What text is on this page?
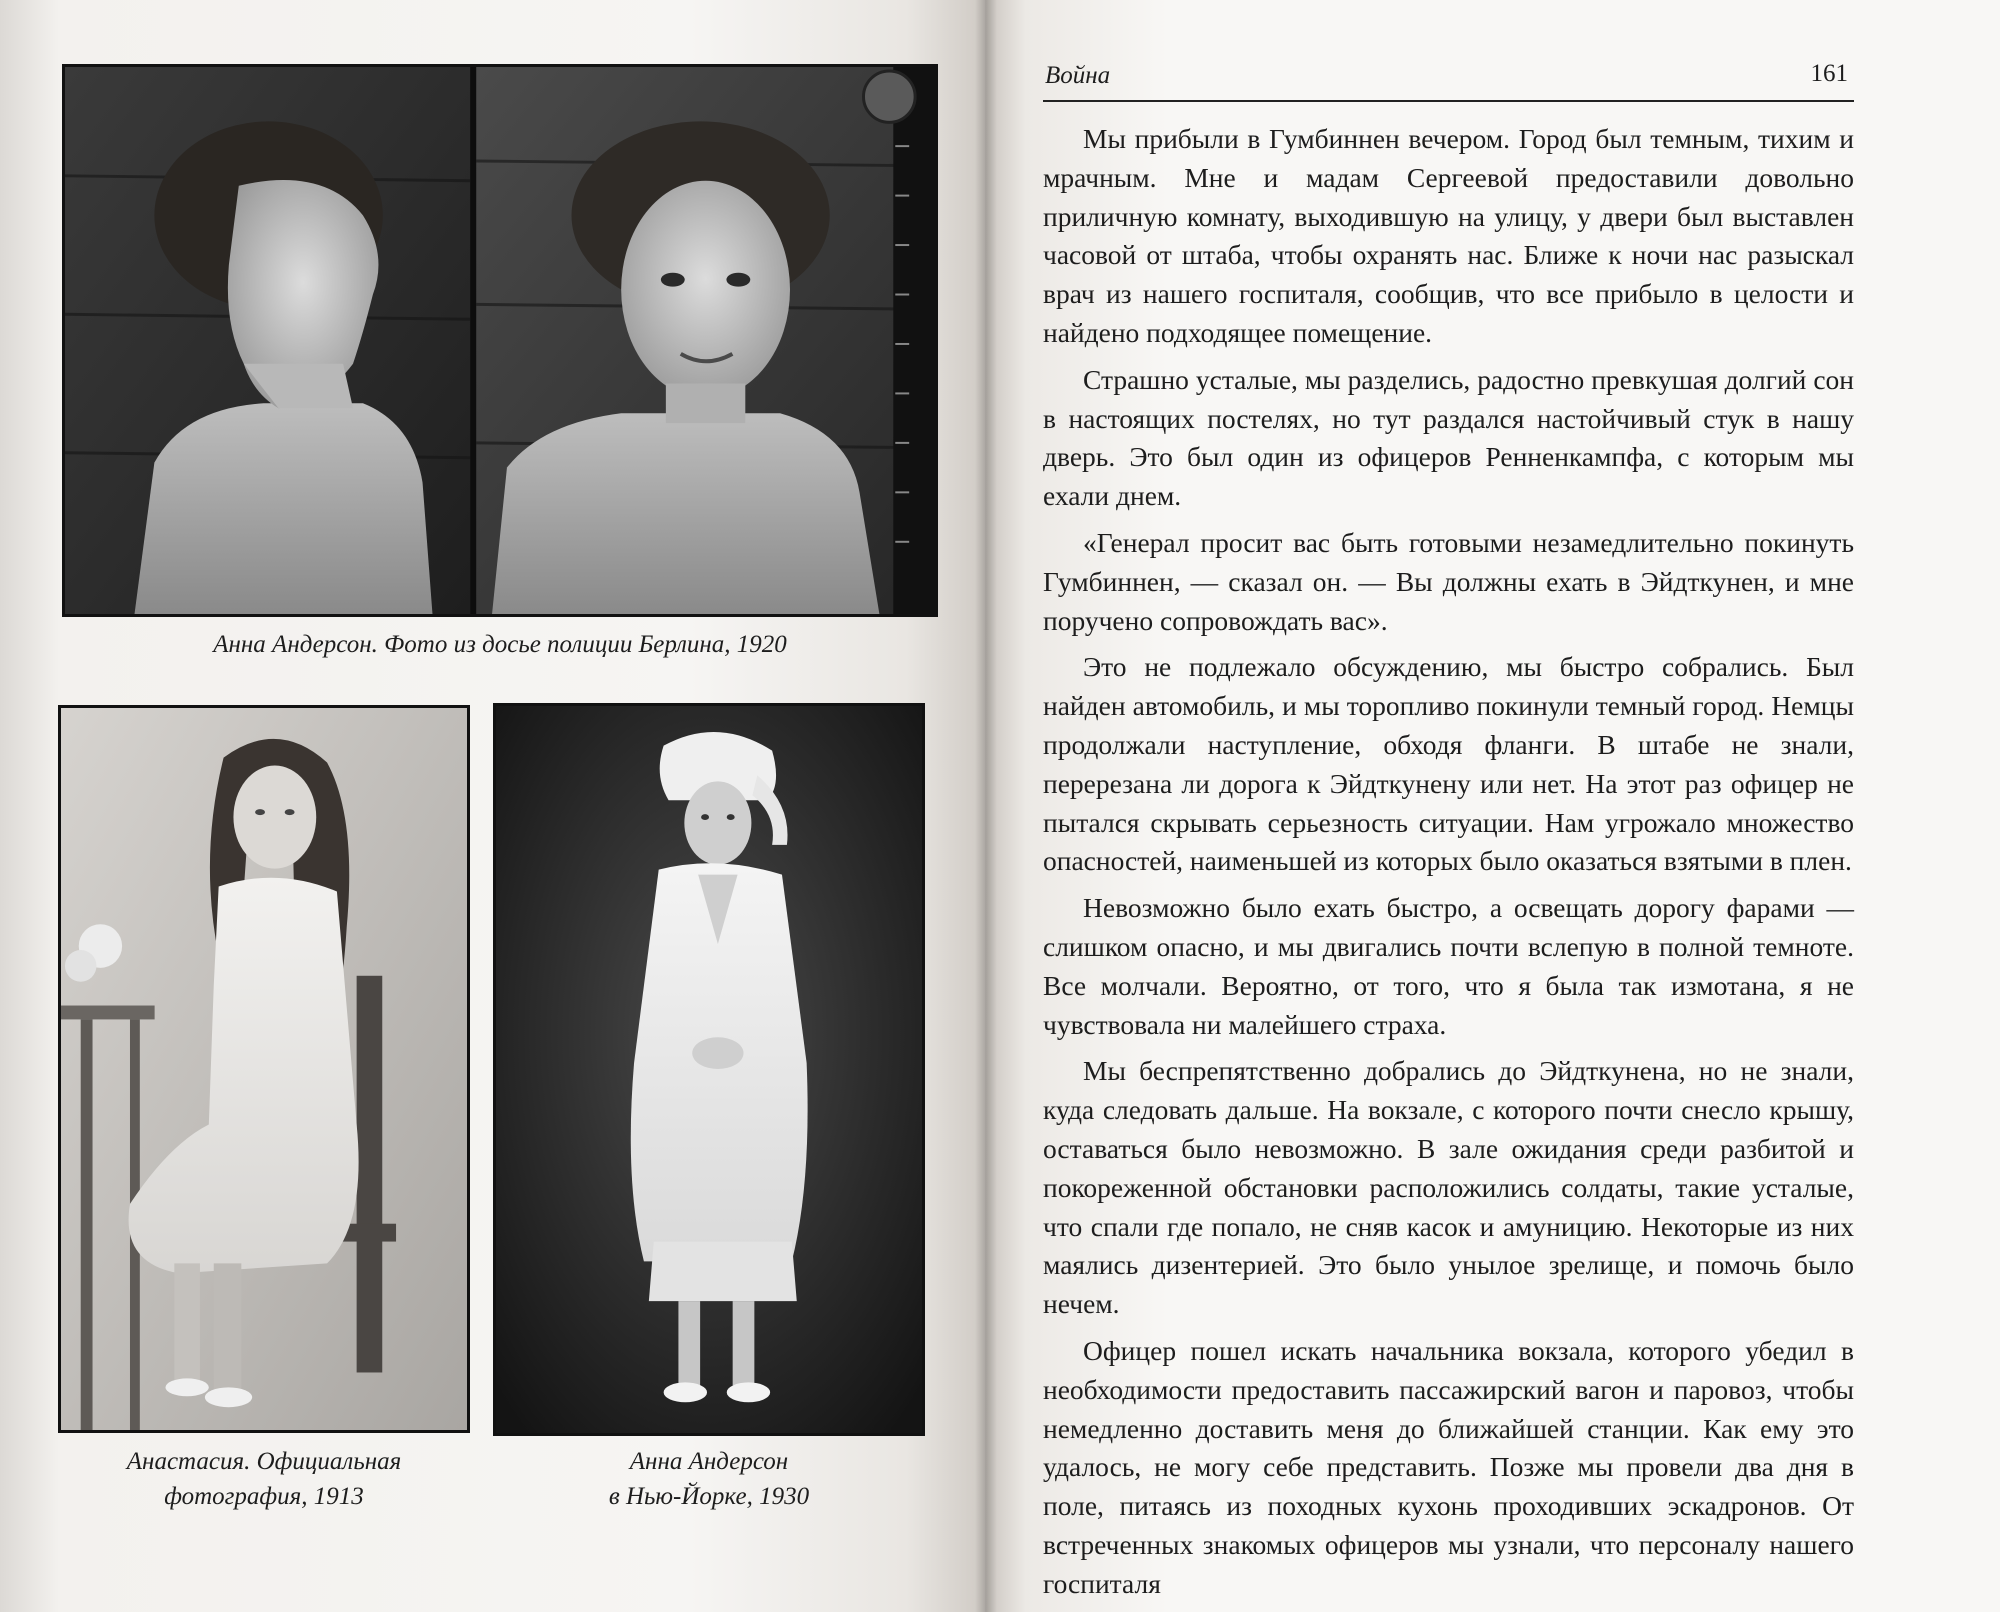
Анна Андерсон. Фото из досье полиции Берлина, 1920
Анастасия. Официальная
фотография, 1913
Анна Андерсон
в Нью-Йорке, 1930
Война	161

Мы прибыли в Гумбиннен вечером. Город был темным, тихим и мрачным. Мне и мадам Сергеевой предоставили довольно приличную комнату, выходившую на улицу, у двери был выставлен часовой от штаба, чтобы охранять нас. Ближе к ночи нас разыскал врач из нашего госпиталя, сообщив, что все прибыло в целости и найдено подходящее помещение.

Страшно усталые, мы разделись, радостно превкушая долгий сон в настоящих постелях, но тут раздался настойчивый стук в нашу дверь. Это был один из офицеров Ренненкампфа, с которым мы ехали днем.

«Генерал просит вас быть готовыми незамедлительно покинуть Гумбиннен, — сказал он. — Вы должны ехать в Эйдткунен, и мне поручено сопровождать вас».

Это не подлежало обсуждению, мы быстро собрались. Был найден автомобиль, и мы торопливо покинули темный город. Немцы продолжали наступление, обходя фланги. В штабе не знали, перерезана ли дорога к Эйдткунену или нет. На этот раз офицер не пытался скрывать серьезность ситуации. Нам угрожало множество опасностей, наименьшей из которых было оказаться взятыми в плен.

Невозможно было ехать быстро, а освещать дорогу фарами — слишком опасно, и мы двигались почти вслепую в полной темноте. Все молчали. Вероятно, от того, что я была так измотана, я не чувствовала ни малейшего страха.

Мы беспрепятственно добрались до Эйдткунена, но не знали, куда следовать дальше. На вокзале, с которого почти снесло крышу, оставаться было невозможно. В зале ожидания среди разбитой и покореженной обстановки расположились солдаты, такие усталые, что спали где попало, не сняв касок и амуницию. Некоторые из них маялись дизентерией. Это было унылое зрелище, и помочь было нечем.

Офицер пошел искать начальника вокзала, которого убедил в необходимости предоставить пассажирский вагон и паровоз, чтобы немедленно доставить меня до ближайшей станции. Как ему это удалось, не могу себе представить. Позже мы провели два дня в поле, питаясь из походных кухонь проходивших эскадронов. От встреченных знакомых офицеров мы узнали, что персоналу нашего госпиталя
